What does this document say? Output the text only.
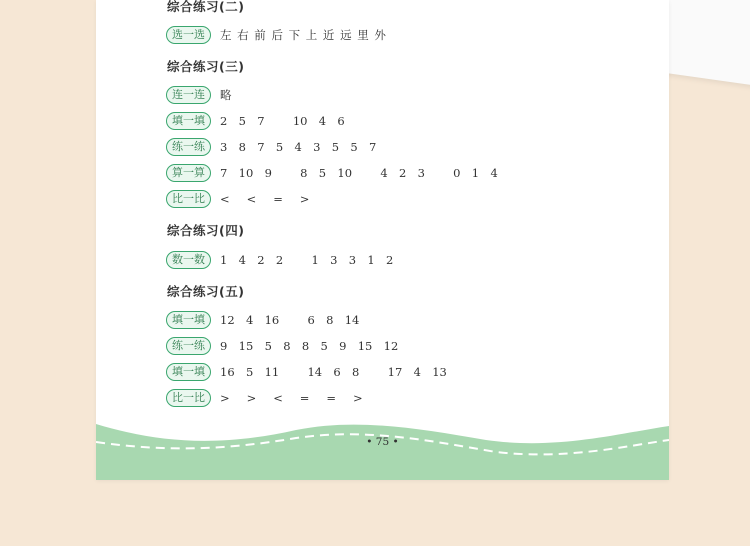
综合练习(二)
选一选	左 右 前 后 下 上 近 远 里 外
综合练习(三)
连一连	略
填一填	2  5  7     10  4  6
练一练	3  8  7  5  4  3  5  5  7
算一算	7  10  9     8  5  10     4  2  3     0  1  4
比一比	<   <   =   >
综合练习(四)
数一数	1  4  2  2     1  3  3  1  2
综合练习(五)
填一填	12  4  16     6  8  14
练一练	9  15  5  8  8  5  9  15  12
填一填	16  5  11     14  6  8     17  4  13
比一比	>   >   <   =   =   >
• 75 •
